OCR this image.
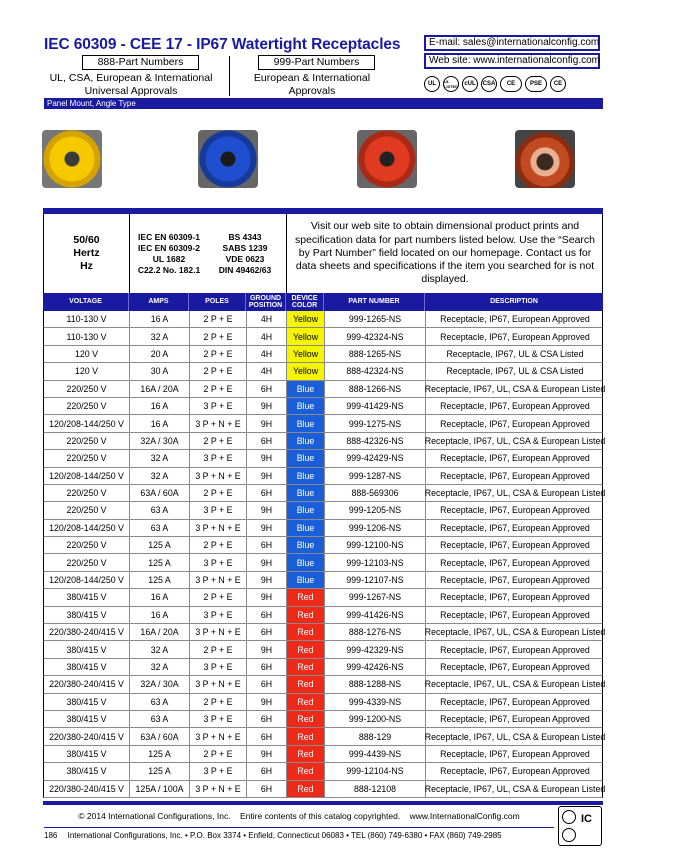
IEC 60309 - CEE 17 - IP67 Watertight Receptacles
888-Part Numbers	999-Part Numbers
UL, CSA, European & International
Universal Approvals
European & International
Approvals
E-mail: sales@internationalconfig.com
Web site: www.internationalconfig.com
UL	UL LISTED	cUL	CSA	CE	PSE	CE
Panel Mount, Angle Type
50/60
Hertz
Hz
IEC EN 60309-1
IEC EN 60309-2
UL 1682
C22.2 No. 182.1
BS 4343
SABS 1239
VDE 0623
DIN 49462/63
Visit our web site to obtain dimensional product prints and specification data for part numbers listed below. Use the “Search by Part Number” field located on our homepage. Contact us for data sheets and specifications if the item you searched for is not displayed.
VOLTAGE	AMPS	POLES
GROUND
POSITION
DEVICE
COLOR
PART NUMBER	DESCRIPTION
110-130 V	16 A	2 P + E	4H	Yellow	999-1265-NS	Receptacle, IP67, European Approved
110-130 V	32 A	2 P + E	4H	Yellow	999-42324-NS	Receptacle, IP67, European Approved
120 V	20 A	2 P + E	4H	Yellow	888-1265-NS	Receptacle, IP67, UL & CSA Listed
120 V	30 A	2 P + E	4H	Yellow	888-42324-NS	Receptacle, IP67, UL & CSA Listed
220/250 V	16A / 20A	2 P + E	6H	Blue	888-1266-NS	Receptacle, IP67, UL, CSA & European Listed
220/250 V	16 A	3 P + E	9H	Blue	999-41429-NS	Receptacle, IP67, European Approved
120/208-144/250 V	16 A	3 P + N + E	9H	Blue	999-1275-NS	Receptacle, IP67, European Approved
220/250 V	32A / 30A	2 P + E	6H	Blue	888-42326-NS	Receptacle, IP67, UL, CSA & European Listed
220/250 V	32 A	3 P + E	9H	Blue	999-42429-NS	Receptacle, IP67, European Approved
120/208-144/250 V	32 A	3 P + N + E	9H	Blue	999-1287-NS	Receptacle, IP67, European Approved
220/250 V	63A / 60A	2 P + E	6H	Blue	888-569306	Receptacle, IP67, UL, CSA & European Listed
220/250 V	63 A	3 P + E	9H	Blue	999-1205-NS	Receptacle, IP67, European Approved
120/208-144/250 V	63 A	3 P + N + E	9H	Blue	999-1206-NS	Receptacle, IP67, European Approved
220/250 V	125 A	2 P + E	6H	Blue	999-12100-NS	Receptacle, IP67, European Approved
220/250 V	125 A	3 P + E	9H	Blue	999-12103-NS	Receptacle, IP67, European Approved
120/208-144/250 V	125 A	3 P + N + E	9H	Blue	999-12107-NS	Receptacle, IP67, European Approved
380/415 V	16 A	2 P + E	9H	Red	999-1267-NS	Receptacle, IP67, European Approved
380/415 V	16 A	3 P + E	6H	Red	999-41426-NS	Receptacle, IP67, European Approved
220/380-240/415 V	16A / 20A	3 P + N + E	6H	Red	888-1276-NS	Receptacle, IP67, UL, CSA & European Listed
380/415 V	32 A	2 P + E	9H	Red	999-42329-NS	Receptacle, IP67, European Approved
380/415 V	32 A	3 P + E	6H	Red	999-42426-NS	Receptacle, IP67, European Approved
220/380-240/415 V	32A / 30A	3 P + N + E	6H	Red	888-1288-NS	Receptacle, IP67, UL, CSA & European Listed
380/415 V	63 A	2 P + E	9H	Red	999-4339-NS	Receptacle, IP67, European Approved
380/415 V	63 A	3 P + E	6H	Red	999-1200-NS	Receptacle, IP67, European Approved
220/380-240/415 V	63A / 60A	3 P + N + E	6H	Red	888-129	Receptacle, IP67, UL, CSA & European Listed
380/415 V	125 A	2 P + E	9H	Red	999-4439-NS	Receptacle, IP67, European Approved
380/415 V	125 A	3 P + E	6H	Red	999-12104-NS	Receptacle, IP67, European Approved
220/380-240/415 V	125A / 100A	3 P + N + E	6H	Red	888-12108	Receptacle, IP67, UL, CSA & European Listed
© 2014 International Configurations, Inc.    Entire contents of this catalog copyrighted.    www.InternationalConfig.com
186 International Configurations, Inc. • P.O. Box 3374 • Enfield, Connecticut 06083 • TEL (860) 749-6380 • FAX (860) 749-2985
IC
